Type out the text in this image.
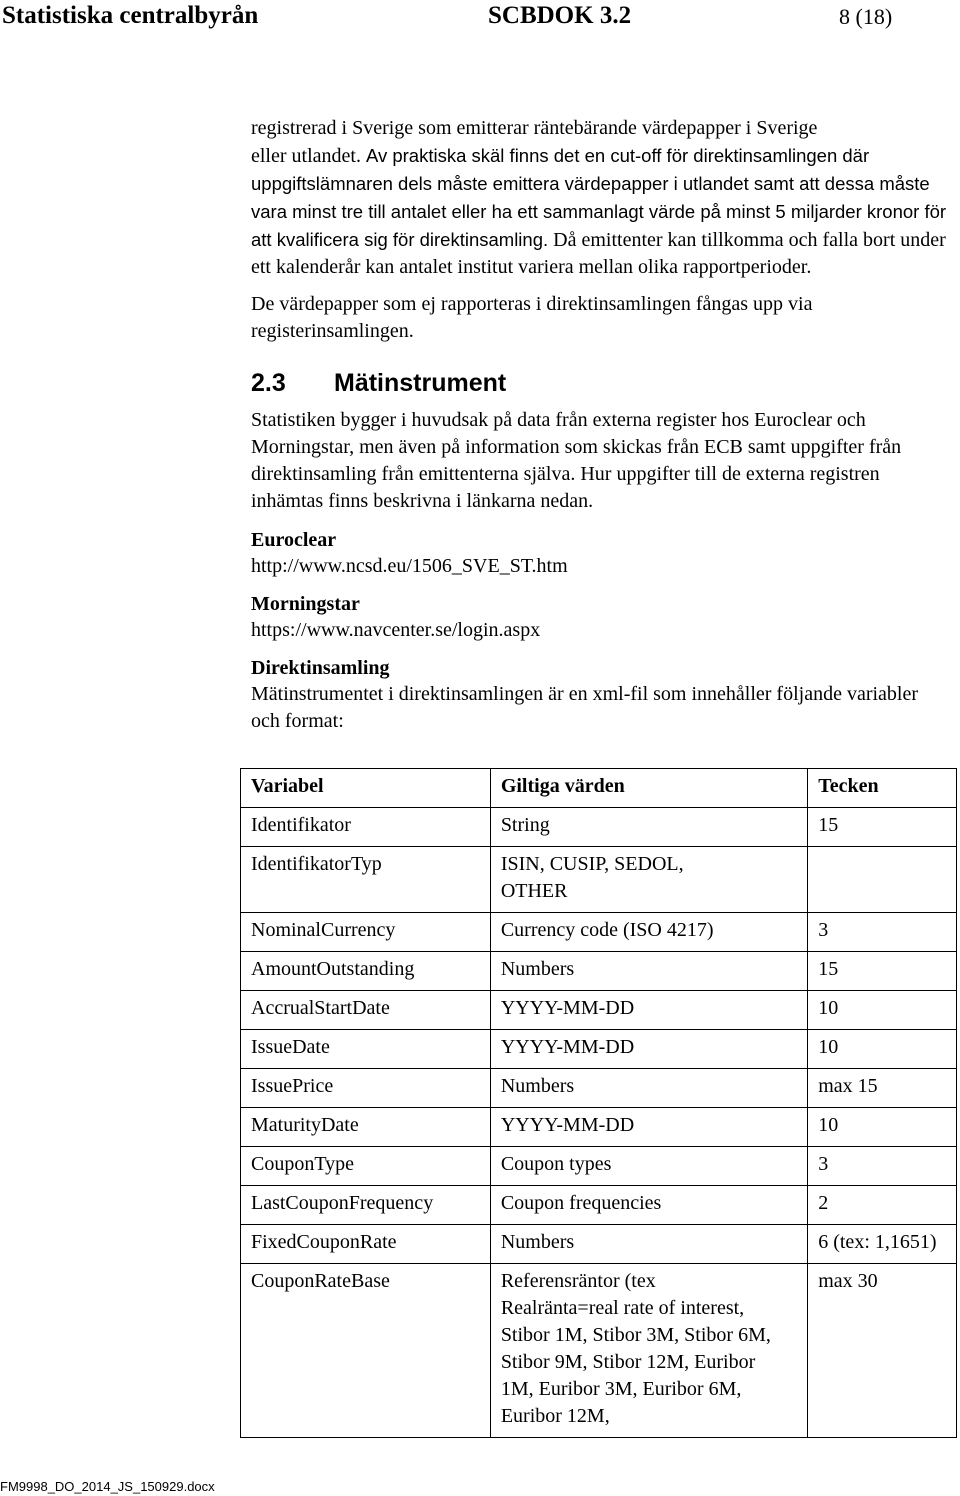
Statistiska centralbyrån	SCBDOK 3.2	8 (18)

registrerad i Sverige som emitterar räntebärande värdepapper i Sverige
eller utlandet. Av praktiska skäl finns det en cut-off för direktinsamlingen där uppgiftslämnaren dels måste emittera värdepapper i utlandet samt att dessa måste vara minst tre till antalet eller ha ett sammanlagt värde på minst 5 miljarder kronor för att kvalificera sig för direktinsamling. Då emittenter kan tillkomma och falla bort under ett kalenderår kan antalet institut variera mellan olika rapportperioder.

De värdepapper som ej rapporteras i direktinsamlingen fångas upp via registerinsamlingen.

2.3 Mätinstrument

Statistiken bygger i huvudsak på data från externa register hos Euroclear och Morningstar, men även på information som skickas från ECB samt uppgifter från direktinsamling från emittenterna själva. Hur uppgifter till de externa registren inhämtas finns beskrivna i länkarna nedan.

Euroclear
http://www.ncsd.eu/1506_SVE_ST.htm
Morningstar
https://www.navcenter.se/login.aspx
Direktinsamling

Mätinstrumentet i direktinsamlingen är en xml-fil som innehåller följande variabler och format:

Variabel	Giltiga värden	Tecken
Identifikator	String	15
IdentifikatorTyp	ISIN, CUSIP, SEDOL, OTHER	
NominalCurrency	Currency code (ISO 4217)	3
AmountOutstanding	Numbers	15
AccrualStartDate	YYYY-MM-DD	10
IssueDate	YYYY-MM-DD	10
IssuePrice	Numbers	max 15
MaturityDate	YYYY-MM-DD	10
CouponType	Coupon types	3
LastCouponFrequency	Coupon frequencies	2
FixedCouponRate	Numbers	6 (tex: 1,1651)
CouponRateBase	Referensräntor (tex Realränta=real rate of interest, Stibor 1M, Stibor 3M, Stibor 6M, Stibor 9M, Stibor 12M, Euribor 1M, Euribor 3M, Euribor 6M, Euribor 12M,	max 30
FM9998_DO_2014_JS_150929.docx
